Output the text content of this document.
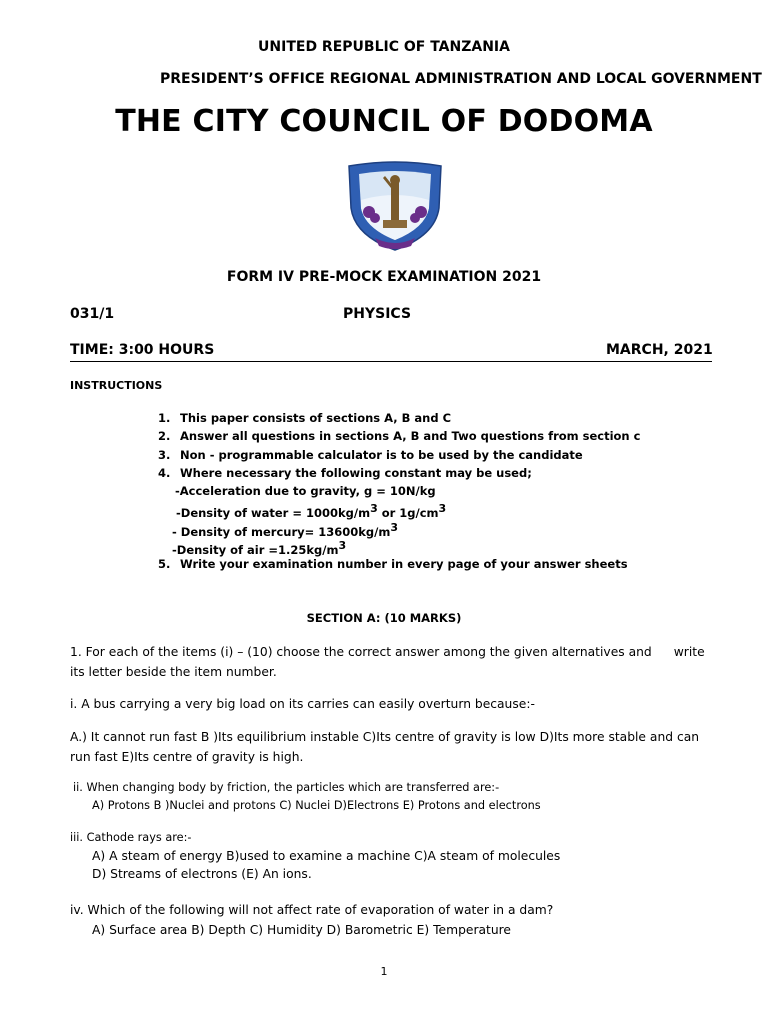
UNITED REPUBLIC OF TANZANIA
PRESIDENT’S OFFICE REGIONAL ADMINISTRATION AND LOCAL GOVERNMENT
THE CITY COUNCIL OF DODOMA
FORM IV PRE-MOCK EXAMINATION 2021
031/1	PHYSICS
TIME: 3:00 HOURS	MARCH, 2021
INSTRUCTIONS
1. This paper consists of sections A, B and C
2. Answer all questions in sections A, B and Two questions from section c
3. Non - programmable calculator is to be used by the candidate
4. Where necessary the following constant may be used;
-Acceleration due to gravity, g = 10N/kg
-Density of water = $1000kg/m^3$ or $1g/cm^3$
- Density of mercury= $13600kg/m^3$
-Density of air $=1.25kg/m^3$
5. Write your examination number in every page of your answer sheets
SECTION A: (10 MARKS)
1. For each of the items (i) – (10) choose the correct answer among the given alternatives and write
its letter beside the item number.
i. A bus carrying a very big load on its carries can easily overturn because:-
A.) It cannot run fast B )Its equilibrium instable C)Its centre of gravity is low D)Its more stable and can
run fast E)Its centre of gravity is high.
ii. When changing body by friction, the particles which are transferred are:-
A) Protons B )Nuclei and protons C) Nuclei D)Electrons E) Protons and electrons
iii. Cathode rays are:-
A) A steam of energy B)used to examine a machine C)A steam of molecules
D) Streams of electrons (E) An ions.
iv. Which of the following will not affect rate of evaporation of water in a dam?
A) Surface area B) Depth C) Humidity D) Barometric E) Temperature
1
